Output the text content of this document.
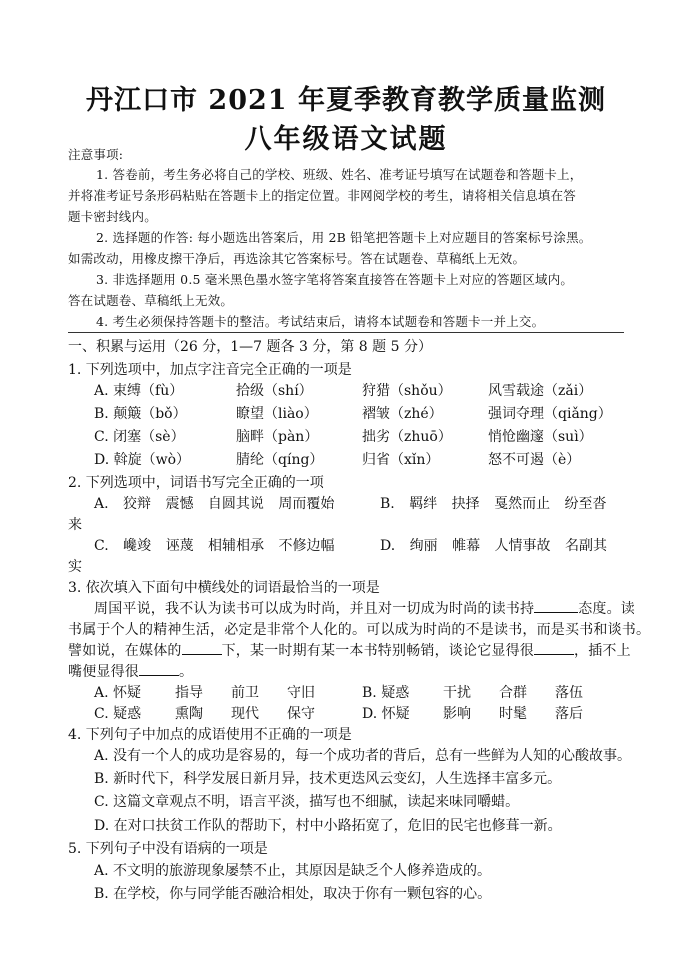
丹江口市 2021 年夏季教育教学质量监测
八年级语文试题
注意事项:
1. 答卷前，考生务必将自己的学校、班级、姓名、准考证号填写在试题卷和答题卡上，
并将准考证号条形码粘贴在答题卡上的指定位置。非网阅学校的考生，请将相关信息填在答
题卡密封线内。
2. 选择题的作答: 每小题选出答案后，用 2B 铅笔把答题卡上对应题目的答案标号涂黑。
如需改动，用橡皮擦干净后，再选涂其它答案标号。答在试题卷、草稿纸上无效。
3. 非选择题用 0.5 毫米黑色墨水签字笔将答案直接答在答题卡上对应的答题区域内。
答在试题卷、草稿纸上无效。
4. 考生必须保持答题卡的整洁。考试结束后，请将本试题卷和答题卡一并上交。
一、积累与运用（26 分，1—7 题各 3 分，第 8 题 5 分）
1. 下列选项中，加点字注音完全正确的一项是
A. 束缚（fù）	拾级（shí）	狩猎（shǒu）	风雪载途（zǎi）
B. 颠簸（bǒ）	瞭望（liào）	褶皱（zhé）	强词夺理（qiǎng）
C. 闭塞（sè）	脑畔（pàn）	拙劣（zhuō）	悄怆幽邃（suì）
D. 斡旋（wò）	腈纶（qíng）	归省（xǐn）	怒不可遏（è）
2. 下列选项中，词语书写完全正确的一项
A. 狡辩 震憾 自圆其说 周而覆始	B. 羁绊 抉择 戛然而止 纷至沓
来
C. 巉竣 诬蔑 相辅相承 不修边幅	D. 绚丽 帷幕 人情事故 名副其
实
3. 依次填入下面句中横线处的词语最恰当的一项是
周国平说，我不认为读书可以成为时尚，并且对一切成为时尚的读书持	态度。读
书属于个人的精神生活，必定是非常个人化的。可以成为时尚的不是读书，而是买书和谈书。
譬如说，在媒体的	下，某一时期有某一本书特别畅销，谈论它显得很	，插不上
嘴便显得很	。
A. 怀疑 指导 前卫 守旧	B. 疑惑 干扰 合群 落伍
C. 疑惑 熏陶 现代 保守	D. 怀疑 影响 时髦 落后
4. 下列句子中加点的成语使用不正确的一项是
A. 没有一个人的成功是容易的，每一个成功者的背后，总有一些鲜为人知的心酸故事。
B. 新时代下，科学发展日新月异，技术更迭风云变幻，人生选择丰富多元。
C. 这篇文章观点不明，语言平淡，描写也不细腻，读起来味同嚼蜡。
D. 在对口扶贫工作队的帮助下，村中小路拓宽了，危旧的民宅也修葺一新。
5. 下列句子中没有语病的一项是
A. 不文明的旅游现象屡禁不止，其原因是缺乏个人修养造成的。
B. 在学校，你与同学能否融洽相处，取决于你有一颗包容的心。
